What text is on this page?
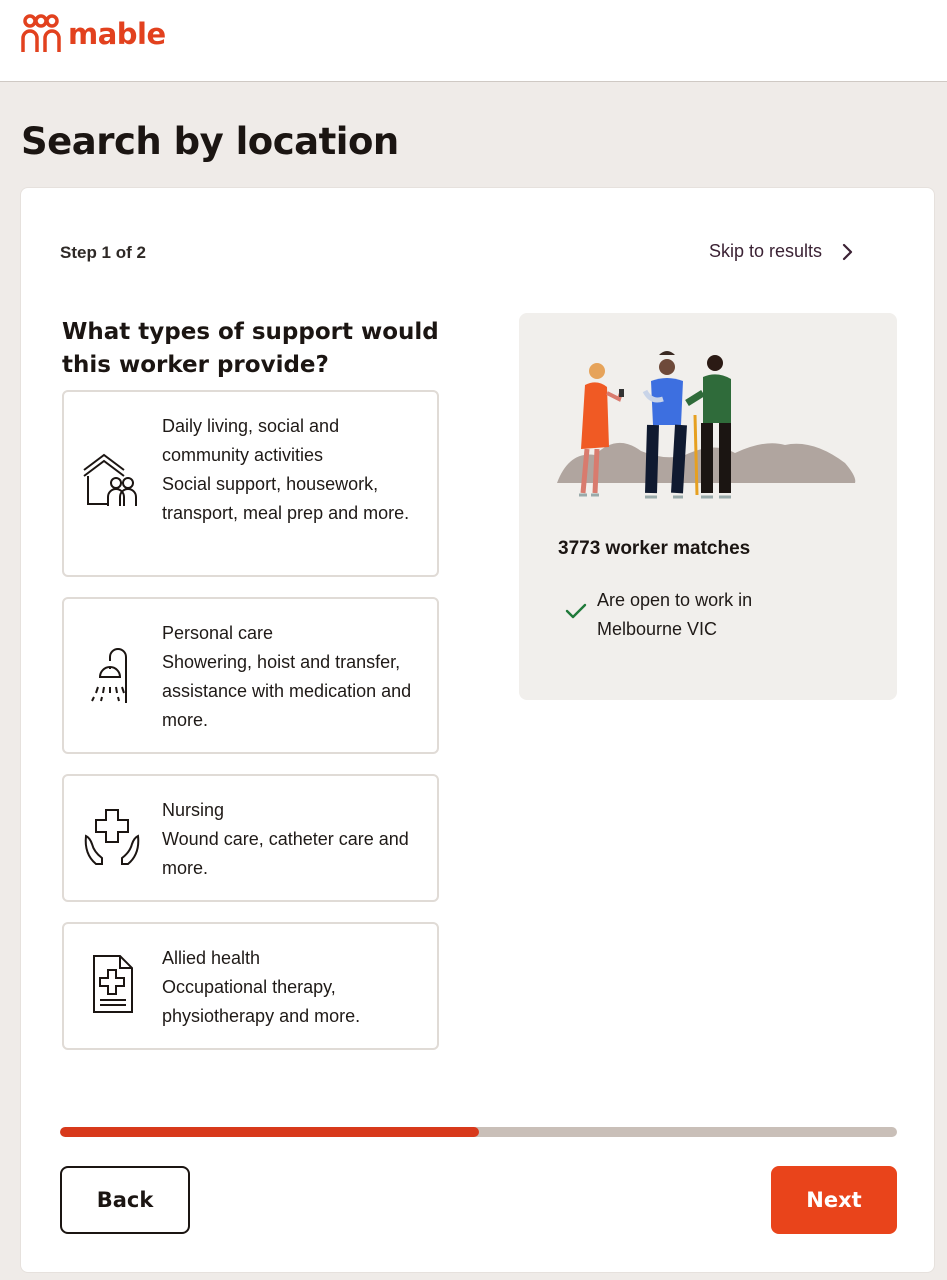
mable
Search by location
Step 1 of 2	Skip to results
What types of support would this worker provide?
Daily living, social and community activities
Social support, housework, transport, meal prep and more.
Personal care
Showering, hoist and transfer, assistance with medication and more.
Nursing
Wound care, catheter care and more.
Allied health
Occupational therapy, physiotherapy and more.
3773 worker matches
Are open to work in Melbourne VIC
Back	Next
